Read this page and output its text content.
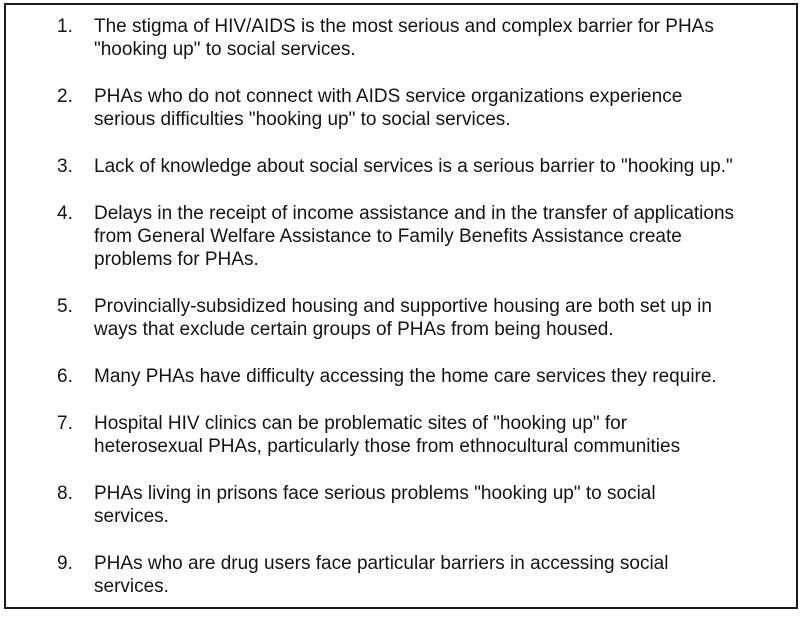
1. The stigma of HIV/AIDS is the most serious and complex barrier for PHAs
"hooking up" to social services.
2. PHAs who do not connect with AIDS service organizations experience
serious difficulties "hooking up" to social services.
3. Lack of knowledge about social services is a serious barrier to "hooking up."
4. Delays in the receipt of income assistance and in the transfer of applications
from General Welfare Assistance to Family Benefits Assistance create
problems for PHAs.
5. Provincially-subsidized housing and supportive housing are both set up in
ways that exclude certain groups of PHAs from being housed.
6. Many PHAs have difficulty accessing the home care services they require.
7. Hospital HIV clinics can be problematic sites of "hooking up" for
heterosexual PHAs, particularly those from ethnocultural communities
8. PHAs living in prisons face serious problems "hooking up" to social
services.
9. PHAs who are drug users face particular barriers in accessing social
services.
